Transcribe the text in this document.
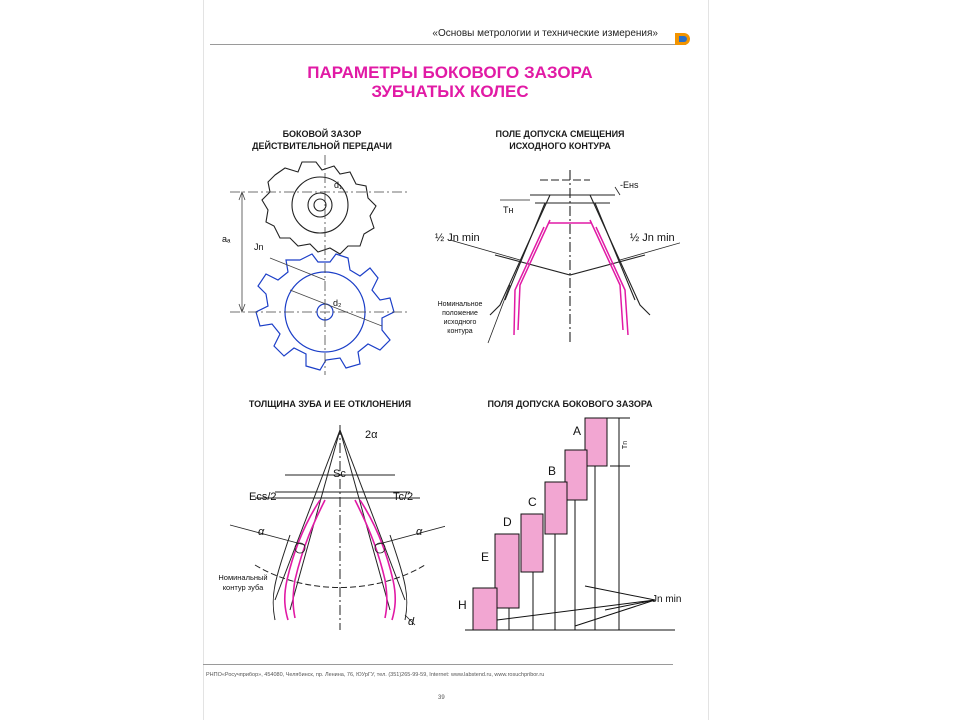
«Основы метрологии и технические измерения»
ПАРАМЕТРЫ БОКОВОГО ЗАЗОРА
ЗУБЧАТЫХ КОЛЕС
БОКОВОЙ ЗАЗОР
ДЕЙСТВИТЕЛЬНОЙ ПЕРЕДАЧИ
d₁
d₂
aₐ
Jn
ПОЛЕ ДОПУСКА СМЕЩЕНИЯ
ИСХОДНОГО КОНТУРА
-Eнs
Tн
½ Jn min	½ Jn min
Номинальное
положение
исходного
контура
ТОЛЩИНА ЗУБА И ЕЕ ОТКЛОНЕНИЯ
2α
Sc
Ecs/2	Tc/2
α	α
Номинальный
контур зуба
d
ПОЛЯ ДОПУСКА БОКОВОГО ЗАЗОРА
A
B
C
D
E
H
Tn
Jn min
РНПО«Росучприбор», 454080, Челябинск, пр. Ленина, 76, ЮУрГУ, тел. (351)265-99-59, Internet: www.labstend.ru, www.rosuchpribor.ru
39
